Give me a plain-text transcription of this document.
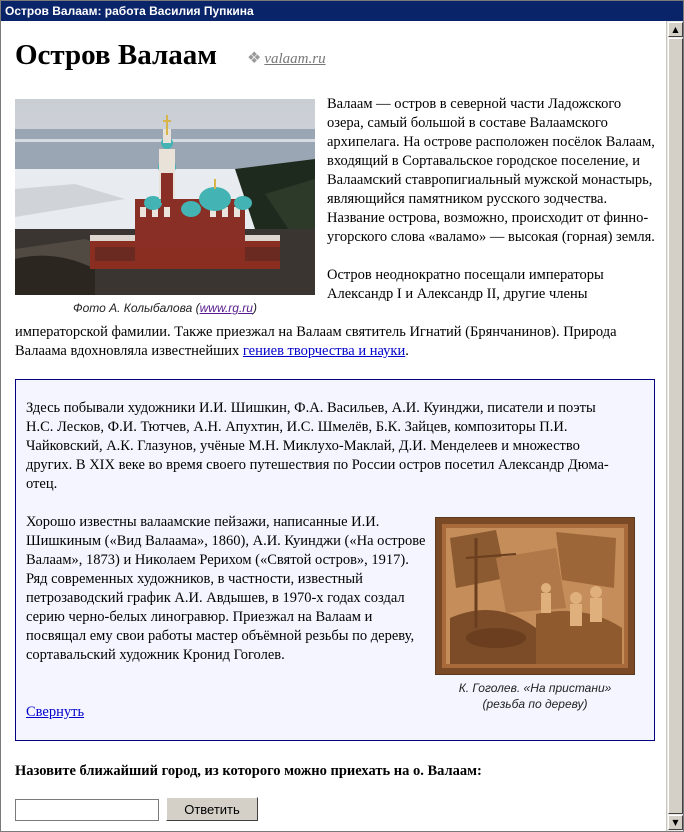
Остров Валаам: работа Василия Пупкина
Остров Валаам ❖ valaam.ru
Фото А. Колыбалова (www.rg.ru)

Валаам — остров в северной части Ладожского озера, самый большой в составе Валаамского архипелага. На острове расположен посёлок Валаам, входящий в Сортавальское городское поселение, и Валаамский ставропигиальный мужской монастырь, являющийся памятником русского зодчества. Название острова, возможно, происходит от финно-угорского слова «валамо» — высокая (горная) земля.

Остров неоднократно посещали императоры Александр I и Александр II, другие члены

императорской фамилии. Также приезжал на Валаам святитель Игнатий (Брянчанинов). Природа Валаама вдохновляла известнейших гениев творчества и науки.
Здесь побывали художники И.И. Шишкин, Ф.А. Васильев, А.И. Куинджи, писатели и поэты Н.С. Лесков, Ф.И. Тютчев, А.Н. Апухтин, И.С. Шмелёв, Б.К. Зайцев, композиторы П.И. Чайковский, А.К. Глазунов, учёные М.Н. Миклухо-Маклай, Д.И. Менделеев и множество других. В XIX веке во время своего путешествия по России остров посетил Александр Дюма-отец.
Хорошо известны валаамские пейзажи, написанные И.И. Шишкиным («Вид Валаама», 1860), А.И. Куинджи («На острове Валаам», 1873) и Николаем Рерихом («Святой остров», 1917). Ряд современных художников, в частности, известный петрозаводский график А.И. Авдышев, в 1970-х годах создал серию черно-белых линогравюр. Приезжал на Валаам и посвящал ему свои работы мастер объёмной резьбы по дереву, сортавальский художник Кронид Гоголев.
К. Гоголев. «На пристани»
(резьба по дереву)
Свернуть
Назовите ближайший город, из которого можно приехать на о. Валаам:
Ответить
▲
▼
